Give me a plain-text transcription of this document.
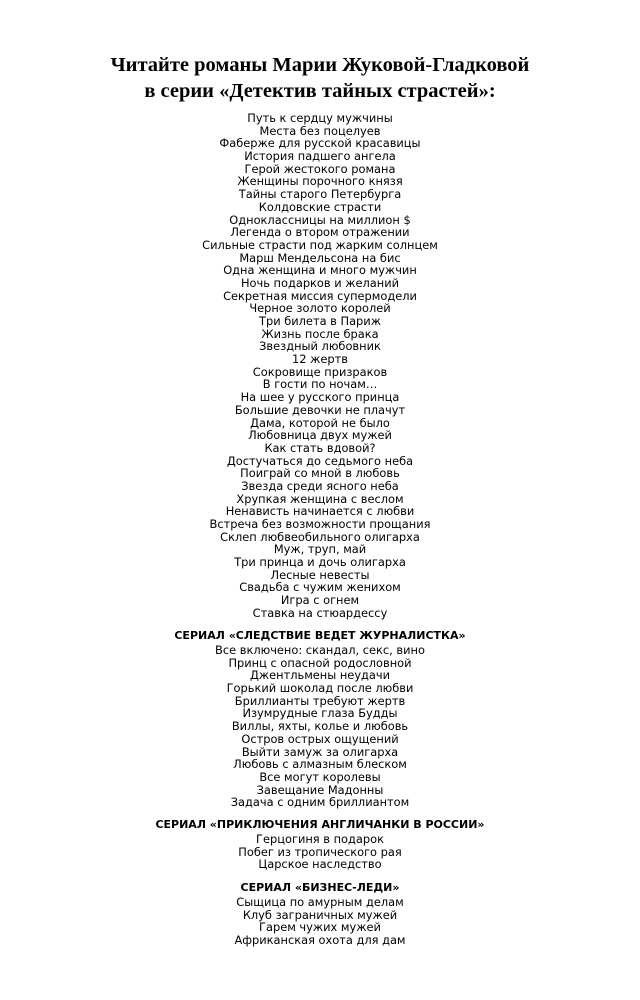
Читайте романы Марии Жуковой-Гладковой
в серии «Детектив тайных страстей»:
Путь к сердцу мужчины
Места без поцелуев
Фаберже для русской красавицы
История падшего ангела
Герой жестокого романа
Женщины порочного князя
Тайны старого Петербурга
Колдовские страсти
Одноклассницы на миллион $
Легенда о втором отражении
Сильные страсти под жарким солнцем
Марш Мендельсона на бис
Одна женщина и много мужчин
Ночь подарков и желаний
Секретная миссия супермодели
Черное золото королей
Три билета в Париж
Жизнь после брака
Звездный любовник
12 жертв
Сокровище призраков
В гости по ночам…
На шее у русского принца
Большие девочки не плачут
Дама, которой не было
Любовница двух мужей
Как стать вдовой?
Достучаться до седьмого неба
Поиграй со мной в любовь
Звезда среди ясного неба
Хрупкая женщина с веслом
Ненависть начинается с любви
Встреча без возможности прощания
Склеп любвеобильного олигарха
Муж, труп, май
Три принца и дочь олигарха
Лесные невесты
Свадьба с чужим женихом
Игра с огнем
Ставка на стюардессу
СЕРИАЛ «СЛЕДСТВИЕ ВЕДЕТ ЖУРНАЛИСТКА»
Все включено: скандал, секс, вино
Принц с опасной родословной
Джентльмены неудачи
Горький шоколад после любви
Бриллианты требуют жертв
Изумрудные глаза Будды
Виллы, яхты, колье и любовь
Остров острых ощущений
Выйти замуж за олигарха
Любовь с алмазным блеском
Все могут королевы
Завещание Мадонны
Задача с одним бриллиантом
СЕРИАЛ «ПРИКЛЮЧЕНИЯ АНГЛИЧАНКИ В РОССИИ»
Герцогиня в подарок
Побег из тропического рая
Царское наследство
СЕРИАЛ «БИЗНЕС-ЛЕДИ»
Сыщица по амурным делам
Клуб заграничных мужей
Гарем чужих мужей
Африканская охота для дам
